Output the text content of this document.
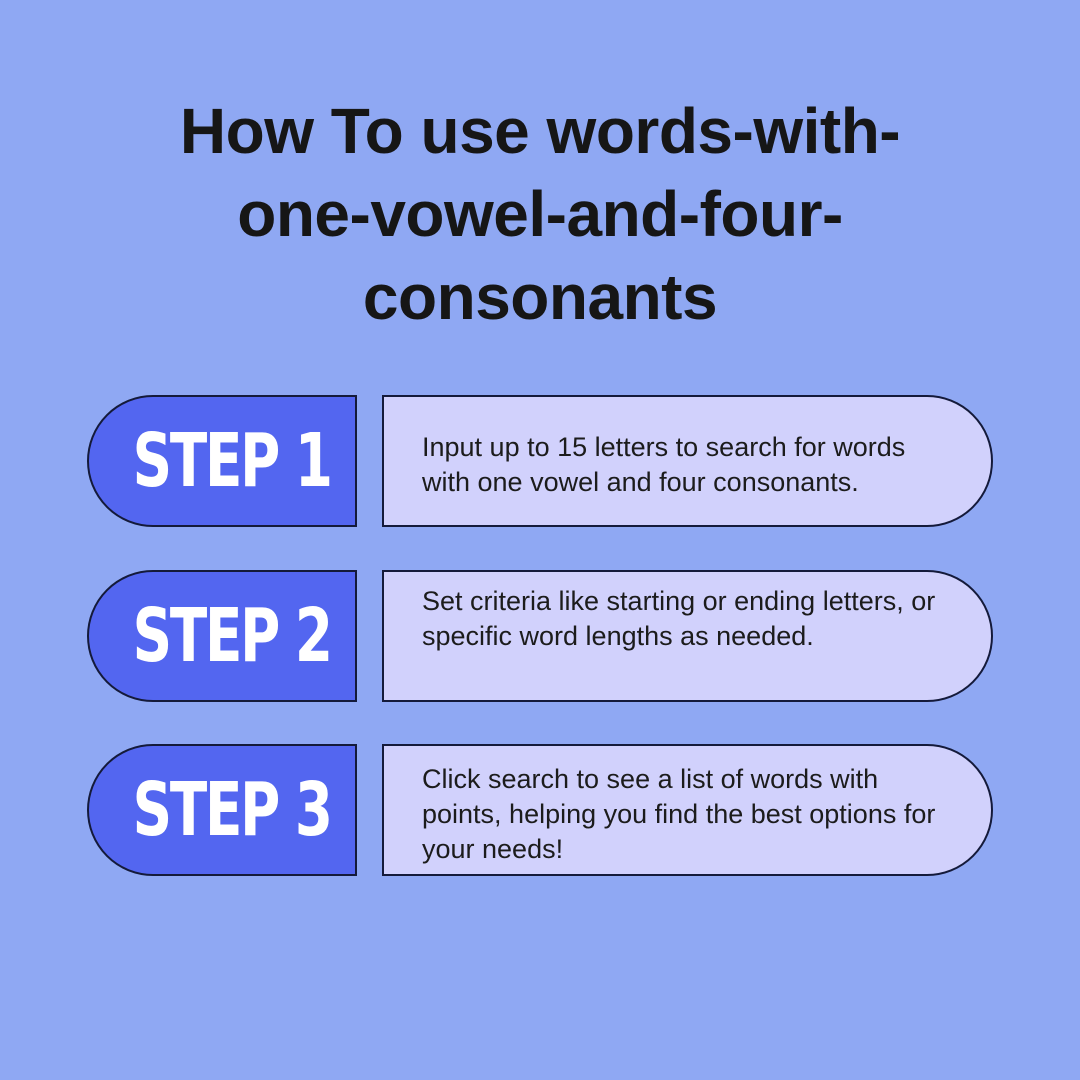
How To use words-with-
one-vowel-and-four-
consonants
STEP 1	Input up to 15 letters to search for words with one vowel and four consonants.

STEP 2	Set criteria like starting or ending letters, or specific word lengths as needed.

STEP 3	Click search to see a list of words with points, helping you find the best options for your needs!
